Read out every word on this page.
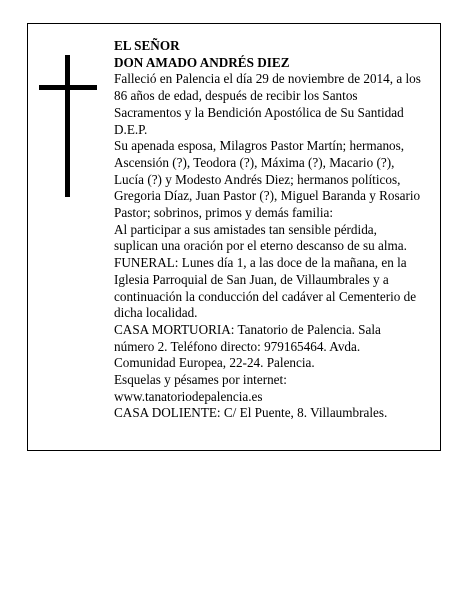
EL SEÑOR

DON AMADO ANDRÉS DIEZ

Falleció en Palencia el día 29 de noviembre de 2014, a los 86 años de edad, después de recibir los Santos Sacramentos y la Bendición Apostólica de Su Santidad D.E.P.

Su apenada esposa, Milagros Pastor Martín; hermanos, Ascensión (?), Teodora (?), Máxima (?), Macario (?), Lucía (?) y Modesto Andrés Diez; hermanos políticos, Gregoria Díaz, Juan Pastor (?), Miguel Baranda y Rosario Pastor; sobrinos, primos y demás familia:

Al participar a sus amistades tan sensible pérdida, suplican una oración por el eterno descanso de su alma.

FUNERAL: Lunes día 1, a las doce de la mañana, en la Iglesia Parroquial de San Juan, de Villaumbrales y a continuación la conducción del cadáver al Cementerio de dicha localidad.

CASA MORTUORIA: Tanatorio de Palencia. Sala número 2. Teléfono directo: 979165464. Avda. Comunidad Europea, 22-24. Palencia.

Esquelas y pésames por internet: www.tanatoriodepalencia.es

CASA DOLIENTE: C/ El Puente, 8. Villaumbrales.
